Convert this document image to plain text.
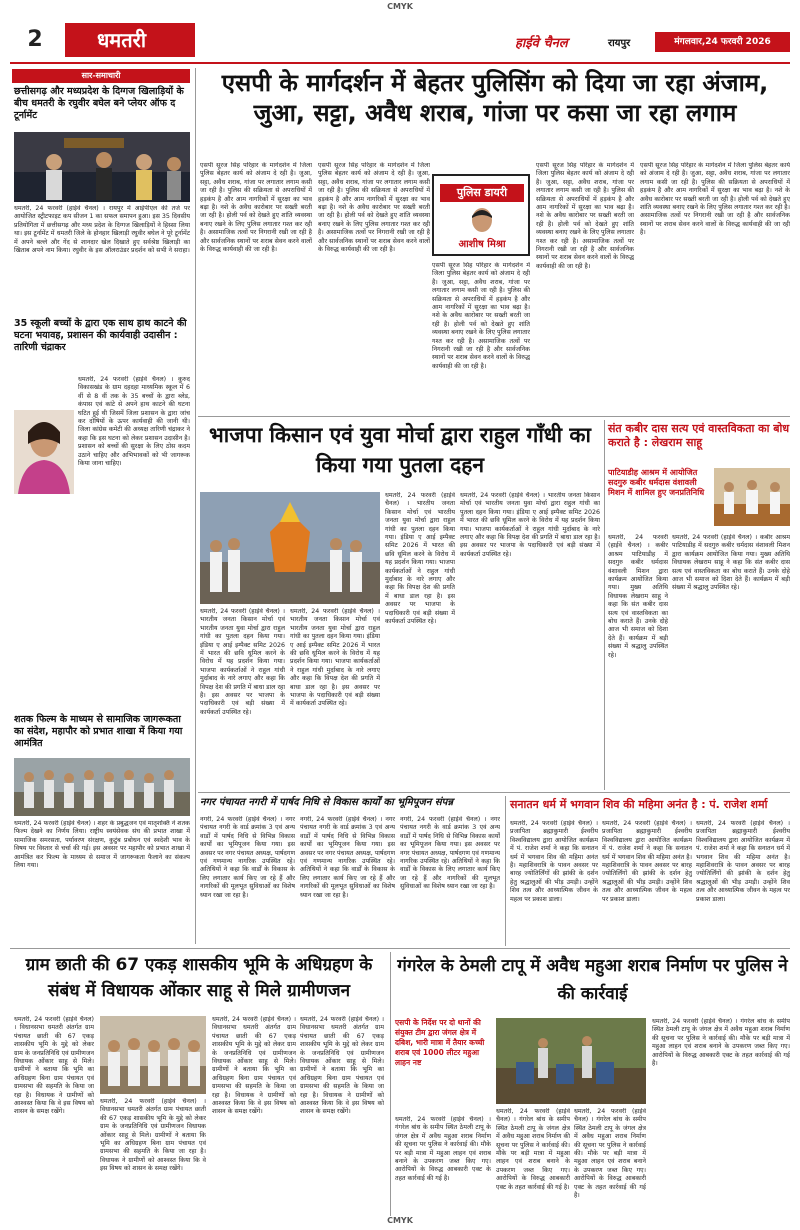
CMYK
2	धमतरी	हाईवे चैनल	रायपुर	मंगलवार,24 फरवरी 2026
सार-समाचारी
छत्तीसगढ़ और मध्यप्रदेश के दिग्गज खिलाड़ियों के बीच धमतरी के रघुवीर बघेल बने प्लेयर ऑफ द टूर्नामेंट
धमतरी, 24 फरवरी (हाईवे चैनल) । रायपुर में आईपीएल की तर्ज पर आयोजित स्ट्रीटफाइट कप सीजन 1 का सफल समापन हुआ। इस 35 दिवसीय प्रतियोगिता में छत्तीसगढ़ और मध्य प्रदेश के दिग्गज खिलाड़ियों ने हिस्सा लिया था। इस टूर्नामेंट में धमतरी जिले के होनहार खिलाड़ी रघुवीर बघेल ने पूरे टूर्नामेंट में अपने बल्ले और गेंद से शानदार खेल दिखाते हुए सर्वश्रेष्ठ खिलाड़ी का खिताब अपने नाम किया। रघुवीर के इस ऑलराउंडर प्रदर्शन को सभी ने सराहा।
35 स्कूली बच्चों के द्वारा एक साथ हाथ काटने की घटना भयावह, प्रशासन की कार्यवाही उदासीन : तारिणी चंद्राकर
धमतरी, 24 फरवरी (हाईवे चैनल) । कुरुद विकासखंड के ग्राम दहदहा माध्यमिक स्कूल में 6 वीं से 8 वीं तक के 35 बच्चों के द्वारा ब्लेड, कंपास एवं कांटे से अपने हाथ काटने की घटना घटित हुई थी जिसमें जिला प्रशासन के द्वारा जांच कर दोषियों के ऊपर कार्यवाही की जानी थी। जिला कांग्रेस कमेटी की अध्यक्ष तारिणी चंद्राकर ने कहा कि इस घटना को लेकर प्रशासन उदासीन है। प्रशासन को बच्चों की सुरक्षा के लिए ठोस कदम उठाने चाहिए और अभिभावकों को भी जागरूक किया जाना चाहिए।
शतक फिल्म के माध्यम से सामाजिक जागरूकता का संदेश, महापौर को प्रभात शाखा में किया गया आमंत्रित
धमतरी, 24 फरवरी (हाईवे चैनल) । शहर के प्रबुद्धजन एवं मातृशक्ति ने शतक फिल्म देखने का निर्णय लिया। राष्ट्रीय स्वयंसेवक संघ की प्रभात शाखा में सामाजिक समरसता, पर्यावरण संरक्षण, कुटुंब प्रबोधन एवं स्वदेशी भाव के विषय पर विस्तार से चर्चा की गई। इस अवसर पर महापौर को प्रभात शाखा में आमंत्रित कर फिल्म के माध्यम से समाज में जागरूकता फैलाने का संकल्प लिया गया।
एसपी के मार्गदर्शन में बेहतर पुलिसिंग को दिया जा रहा अंजाम, जुआ, सट्टा, अवैध शराब, गांजा पर कसा जा रहा लगाम
एसपी सूरज सिंह परिहार के मार्गदर्शन में जिला पुलिस बेहतर कार्य को अंजाम दे रही है। जुआ, सट्टा, अवैध शराब, गांजा पर लगातार लगाम कसी जा रही है। पुलिस की सक्रियता से अपराधियों में हड़कंप है और आम नागरिकों में सुरक्षा का भाव बढ़ा है। नशे के अवैध कारोबार पर सख्ती बरती जा रही है। होली पर्व को देखते हुए शांति व्यवस्था बनाए रखने के लिए पुलिस लगातार गश्त कर रही है। असामाजिक तत्वों पर निगरानी रखी जा रही है और सार्वजनिक स्थानों पर शराब सेवन करने वालों के विरुद्ध कार्यवाही की जा रही है।
एसपी सूरज सिंह परिहार के मार्गदर्शन में जिला पुलिस बेहतर कार्य को अंजाम दे रही है। जुआ, सट्टा, अवैध शराब, गांजा पर लगातार लगाम कसी जा रही है। पुलिस की सक्रियता से अपराधियों में हड़कंप है और आम नागरिकों में सुरक्षा का भाव बढ़ा है। नशे के अवैध कारोबार पर सख्ती बरती जा रही है। होली पर्व को देखते हुए शांति व्यवस्था बनाए रखने के लिए पुलिस लगातार गश्त कर रही है। असामाजिक तत्वों पर निगरानी रखी जा रही है और सार्वजनिक स्थानों पर शराब सेवन करने वालों के विरुद्ध कार्यवाही की जा रही है।
पुलिस डायरी
आशीष मिश्रा
एसपी सूरज सिंह परिहार के मार्गदर्शन में जिला पुलिस बेहतर कार्य को अंजाम दे रही है। जुआ, सट्टा, अवैध शराब, गांजा पर लगातार लगाम कसी जा रही है। पुलिस की सक्रियता से अपराधियों में हड़कंप है और आम नागरिकों में सुरक्षा का भाव बढ़ा है। नशे के अवैध कारोबार पर सख्ती बरती जा रही है। होली पर्व को देखते हुए शांति व्यवस्था बनाए रखने के लिए पुलिस लगातार गश्त कर रही है। असामाजिक तत्वों पर निगरानी रखी जा रही है और सार्वजनिक स्थानों पर शराब सेवन करने वालों के विरुद्ध कार्यवाही की जा रही है।
एसपी सूरज सिंह परिहार के मार्गदर्शन में जिला पुलिस बेहतर कार्य को अंजाम दे रही है। जुआ, सट्टा, अवैध शराब, गांजा पर लगातार लगाम कसी जा रही है। पुलिस की सक्रियता से अपराधियों में हड़कंप है और आम नागरिकों में सुरक्षा का भाव बढ़ा है। नशे के अवैध कारोबार पर सख्ती बरती जा रही है। होली पर्व को देखते हुए शांति व्यवस्था बनाए रखने के लिए पुलिस लगातार गश्त कर रही है। असामाजिक तत्वों पर निगरानी रखी जा रही है और सार्वजनिक स्थानों पर शराब सेवन करने वालों के विरुद्ध कार्यवाही की जा रही है।
एसपी सूरज सिंह परिहार के मार्गदर्शन में जिला पुलिस बेहतर कार्य को अंजाम दे रही है। जुआ, सट्टा, अवैध शराब, गांजा पर लगातार लगाम कसी जा रही है। पुलिस की सक्रियता से अपराधियों में हड़कंप है और आम नागरिकों में सुरक्षा का भाव बढ़ा है। नशे के अवैध कारोबार पर सख्ती बरती जा रही है। होली पर्व को देखते हुए शांति व्यवस्था बनाए रखने के लिए पुलिस लगातार गश्त कर रही है। असामाजिक तत्वों पर निगरानी रखी जा रही है और सार्वजनिक स्थानों पर शराब सेवन करने वालों के विरुद्ध कार्यवाही की जा रही है।
भाजपा किसान एवं युवा मोर्चा द्वारा राहुल गाँधी का किया गया पुतला दहन
धमतरी, 24 फरवरी (हाईवे चैनल) । भारतीय जनता किसान मोर्चा एवं भारतीय जनता युवा मोर्चा द्वारा राहुल गांधी का पुतला दहन किया गया। इंडिया ए आई इम्पैक्ट समिट 2026 में भारत की छवि धूमिल करने के विरोध में यह प्रदर्शन किया गया। भाजपा कार्यकर्ताओं ने राहुल गांधी मुर्दाबाद के नारे लगाए और कहा कि विपक्ष देश की प्रगति में बाधा डाल रहा है। इस अवसर पर भाजपा के पदाधिकारी एवं बड़ी संख्या में कार्यकर्ता उपस्थित रहे।
धमतरी, 24 फरवरी (हाईवे चैनल) । भारतीय जनता किसान मोर्चा एवं भारतीय जनता युवा मोर्चा द्वारा राहुल गांधी का पुतला दहन किया गया। इंडिया ए आई इम्पैक्ट समिट 2026 में भारत की छवि धूमिल करने के विरोध में यह प्रदर्शन किया गया। भाजपा कार्यकर्ताओं ने राहुल गांधी मुर्दाबाद के नारे लगाए और कहा कि विपक्ष देश की प्रगति में बाधा डाल रहा है। इस अवसर पर भाजपा के पदाधिकारी एवं बड़ी संख्या में कार्यकर्ता उपस्थित रहे।
धमतरी, 24 फरवरी (हाईवे चैनल) । भारतीय जनता किसान मोर्चा एवं भारतीय जनता युवा मोर्चा द्वारा राहुल गांधी का पुतला दहन किया गया। इंडिया ए आई इम्पैक्ट समिट 2026 में भारत की छवि धूमिल करने के विरोध में यह प्रदर्शन किया गया। भाजपा कार्यकर्ताओं ने राहुल गांधी मुर्दाबाद के नारे लगाए और कहा कि विपक्ष देश की प्रगति में बाधा डाल रहा है। इस अवसर पर भाजपा के पदाधिकारी एवं बड़ी संख्या में कार्यकर्ता उपस्थित रहे।
धमतरी, 24 फरवरी (हाईवे चैनल) । भारतीय जनता किसान मोर्चा एवं भारतीय जनता युवा मोर्चा द्वारा राहुल गांधी का पुतला दहन किया गया। इंडिया ए आई इम्पैक्ट समिट 2026 में भारत की छवि धूमिल करने के विरोध में यह प्रदर्शन किया गया। भाजपा कार्यकर्ताओं ने राहुल गांधी मुर्दाबाद के नारे लगाए और कहा कि विपक्ष देश की प्रगति में बाधा डाल रहा है। इस अवसर पर भाजपा के पदाधिकारी एवं बड़ी संख्या में कार्यकर्ता उपस्थित रहे।
संत कबीर दास सत्य एवं वास्तविकता का बोध कराते है : लेखराम साहू
पाटियाडीह आश्रम में आयोजित सदगुरु कबीर धर्मदास वंशावली मिशन में शामिल हुए जनप्रतिनिधि
धमतरी, 24 फरवरी (हाईवे चैनल) । कबीर आश्रम पाटियाडीह में सदगुरु कबीर धर्मदास वंशावली मिशन द्वारा कार्यक्रम आयोजित किया गया। मुख्य अतिथि विधायक लेखराम साहू ने कहा कि संत कबीर दास सत्य एवं वास्तविकता का बोध कराते हैं। उनके दोहे आज भी समाज को दिशा देते हैं। कार्यक्रम में बड़ी संख्या में श्रद्धालु उपस्थित रहे।
धमतरी, 24 फरवरी (हाईवे चैनल) । कबीर आश्रम पाटियाडीह में सदगुरु कबीर धर्मदास वंशावली मिशन द्वारा कार्यक्रम आयोजित किया गया। मुख्य अतिथि विधायक लेखराम साहू ने कहा कि संत कबीर दास सत्य एवं वास्तविकता का बोध कराते हैं। उनके दोहे आज भी समाज को दिशा देते हैं। कार्यक्रम में बड़ी संख्या में श्रद्धालु उपस्थित रहे।
नगर पंचायत नगरी में पार्षद निधि से विकास कार्यों का भूमिपूजन संपन्न
नगरी, 24 फरवरी (हाईवे चैनल) । नगर पंचायत नगरी के वार्ड क्रमांक 3 एवं अन्य वार्डों में पार्षद निधि से विभिन्न विकास कार्यों का भूमिपूजन किया गया। इस अवसर पर नगर पंचायत अध्यक्ष, पार्षदगण एवं गणमान्य नागरिक उपस्थित रहे। अतिथियों ने कहा कि वार्डों के विकास के लिए लगातार कार्य किए जा रहे हैं और नागरिकों की मूलभूत सुविधाओं का विशेष ध्यान रखा जा रहा है।
नगरी, 24 फरवरी (हाईवे चैनल) । नगर पंचायत नगरी के वार्ड क्रमांक 3 एवं अन्य वार्डों में पार्षद निधि से विभिन्न विकास कार्यों का भूमिपूजन किया गया। इस अवसर पर नगर पंचायत अध्यक्ष, पार्षदगण एवं गणमान्य नागरिक उपस्थित रहे। अतिथियों ने कहा कि वार्डों के विकास के लिए लगातार कार्य किए जा रहे हैं और नागरिकों की मूलभूत सुविधाओं का विशेष ध्यान रखा जा रहा है।
नगरी, 24 फरवरी (हाईवे चैनल) । नगर पंचायत नगरी के वार्ड क्रमांक 3 एवं अन्य वार्डों में पार्षद निधि से विभिन्न विकास कार्यों का भूमिपूजन किया गया। इस अवसर पर नगर पंचायत अध्यक्ष, पार्षदगण एवं गणमान्य नागरिक उपस्थित रहे। अतिथियों ने कहा कि वार्डों के विकास के लिए लगातार कार्य किए जा रहे हैं और नागरिकों की मूलभूत सुविधाओं का विशेष ध्यान रखा जा रहा है।
सनातन धर्म में भगवान शिव की महिमा अनंत है : पं. राजेश शर्मा
धमतरी, 24 फरवरी (हाईवे चैनल) । प्रजापिता ब्रह्माकुमारी ईश्वरीय विश्वविद्यालय द्वारा आयोजित कार्यक्रम में पं. राजेश शर्मा ने कहा कि सनातन धर्म में भगवान शिव की महिमा अनंत है। महाशिवरात्रि के पावन अवसर पर बारह ज्योतिर्लिंगों की झांकी के दर्शन हेतु श्रद्धालुओं की भीड़ उमड़ी। उन्होंने शिव तत्व और आध्यात्मिक जीवन के महत्व पर प्रकाश डाला।
धमतरी, 24 फरवरी (हाईवे चैनल) । प्रजापिता ब्रह्माकुमारी ईश्वरीय विश्वविद्यालय द्वारा आयोजित कार्यक्रम में पं. राजेश शर्मा ने कहा कि सनातन धर्म में भगवान शिव की महिमा अनंत है। महाशिवरात्रि के पावन अवसर पर बारह ज्योतिर्लिंगों की झांकी के दर्शन हेतु श्रद्धालुओं की भीड़ उमड़ी। उन्होंने शिव तत्व और आध्यात्मिक जीवन के महत्व पर प्रकाश डाला।
धमतरी, 24 फरवरी (हाईवे चैनल) । प्रजापिता ब्रह्माकुमारी ईश्वरीय विश्वविद्यालय द्वारा आयोजित कार्यक्रम में पं. राजेश शर्मा ने कहा कि सनातन धर्म में भगवान शिव की महिमा अनंत है। महाशिवरात्रि के पावन अवसर पर बारह ज्योतिर्लिंगों की झांकी के दर्शन हेतु श्रद्धालुओं की भीड़ उमड़ी। उन्होंने शिव तत्व और आध्यात्मिक जीवन के महत्व पर प्रकाश डाला।
ग्राम छाती की 67 एकड़ शासकीय भूमि के अधिग्रहण के संबंध में विधायक ओंकार साहू से मिले ग्रामीणजन
धमतरी, 24 फरवरी (हाईवे चैनल) । विधानसभा धमतरी अंतर्गत ग्राम पंचायत छाती की 67 एकड़ शासकीय भूमि के मुद्दे को लेकर ग्राम के जनप्रतिनिधि एवं ग्रामीणजन विधायक ओंकार साहू से मिले। ग्रामीणों ने बताया कि भूमि का अधिग्रहण बिना ग्राम पंचायत एवं ग्रामसभा की सहमति के किया जा रहा है। विधायक ने ग्रामीणों को आश्वस्त किया कि वे इस विषय को शासन के समक्ष रखेंगे।
धमतरी, 24 फरवरी (हाईवे चैनल) । विधानसभा धमतरी अंतर्गत ग्राम पंचायत छाती की 67 एकड़ शासकीय भूमि के मुद्दे को लेकर ग्राम के जनप्रतिनिधि एवं ग्रामीणजन विधायक ओंकार साहू से मिले। ग्रामीणों ने बताया कि भूमि का अधिग्रहण बिना ग्राम पंचायत एवं ग्रामसभा की सहमति के किया जा रहा है। विधायक ने ग्रामीणों को आश्वस्त किया कि वे इस विषय को शासन के समक्ष रखेंगे।
धमतरी, 24 फरवरी (हाईवे चैनल) । विधानसभा धमतरी अंतर्गत ग्राम पंचायत छाती की 67 एकड़ शासकीय भूमि के मुद्दे को लेकर ग्राम के जनप्रतिनिधि एवं ग्रामीणजन विधायक ओंकार साहू से मिले। ग्रामीणों ने बताया कि भूमि का अधिग्रहण बिना ग्राम पंचायत एवं ग्रामसभा की सहमति के किया जा रहा है। विधायक ने ग्रामीणों को आश्वस्त किया कि वे इस विषय को शासन के समक्ष रखेंगे।
धमतरी, 24 फरवरी (हाईवे चैनल) । विधानसभा धमतरी अंतर्गत ग्राम पंचायत छाती की 67 एकड़ शासकीय भूमि के मुद्दे को लेकर ग्राम के जनप्रतिनिधि एवं ग्रामीणजन विधायक ओंकार साहू से मिले। ग्रामीणों ने बताया कि भूमि का अधिग्रहण बिना ग्राम पंचायत एवं ग्रामसभा की सहमति के किया जा रहा है। विधायक ने ग्रामीणों को आश्वस्त किया कि वे इस विषय को शासन के समक्ष रखेंगे।
गंगरेल के ठेमली टापू में अवैध महुआ शराब निर्माण पर पुलिस ने की कार्रवाई
एसपी के निर्देश पर दो थानों की संयुक्त टीम द्वारा जंगल क्षेत्र में दबिश, भारी मात्रा में तैयार कच्ची शराब एवं 1000 लीटर महुआ लाहन नष्ट
धमतरी, 24 फरवरी (हाईवे चैनल) । गंगरेल बांध के समीप स्थित ठेमली टापू के जंगल क्षेत्र में अवैध महुआ शराब निर्माण की सूचना पर पुलिस ने कार्रवाई की। मौके पर बड़ी मात्रा में महुआ लाहन एवं शराब बनाने के उपकरण जब्त किए गए। आरोपियों के विरुद्ध आबकारी एक्ट के तहत कार्रवाई की गई है।
धमतरी, 24 फरवरी (हाईवे चैनल) । गंगरेल बांध के समीप स्थित ठेमली टापू के जंगल क्षेत्र में अवैध महुआ शराब निर्माण की सूचना पर पुलिस ने कार्रवाई की। मौके पर बड़ी मात्रा में महुआ लाहन एवं शराब बनाने के उपकरण जब्त किए गए। आरोपियों के विरुद्ध आबकारी एक्ट के तहत कार्रवाई की गई है।
धमतरी, 24 फरवरी (हाईवे चैनल) । गंगरेल बांध के समीप स्थित ठेमली टापू के जंगल क्षेत्र में अवैध महुआ शराब निर्माण की सूचना पर पुलिस ने कार्रवाई की। मौके पर बड़ी मात्रा में महुआ लाहन एवं शराब बनाने के उपकरण जब्त किए गए। आरोपियों के विरुद्ध आबकारी एक्ट के तहत कार्रवाई की गई है।
धमतरी, 24 फरवरी (हाईवे चैनल) । गंगरेल बांध के समीप स्थित ठेमली टापू के जंगल क्षेत्र में अवैध महुआ शराब निर्माण की सूचना पर पुलिस ने कार्रवाई की। मौके पर बड़ी मात्रा में महुआ लाहन एवं शराब बनाने के उपकरण जब्त किए गए। आरोपियों के विरुद्ध आबकारी एक्ट के तहत कार्रवाई की गई है।
CMYK
